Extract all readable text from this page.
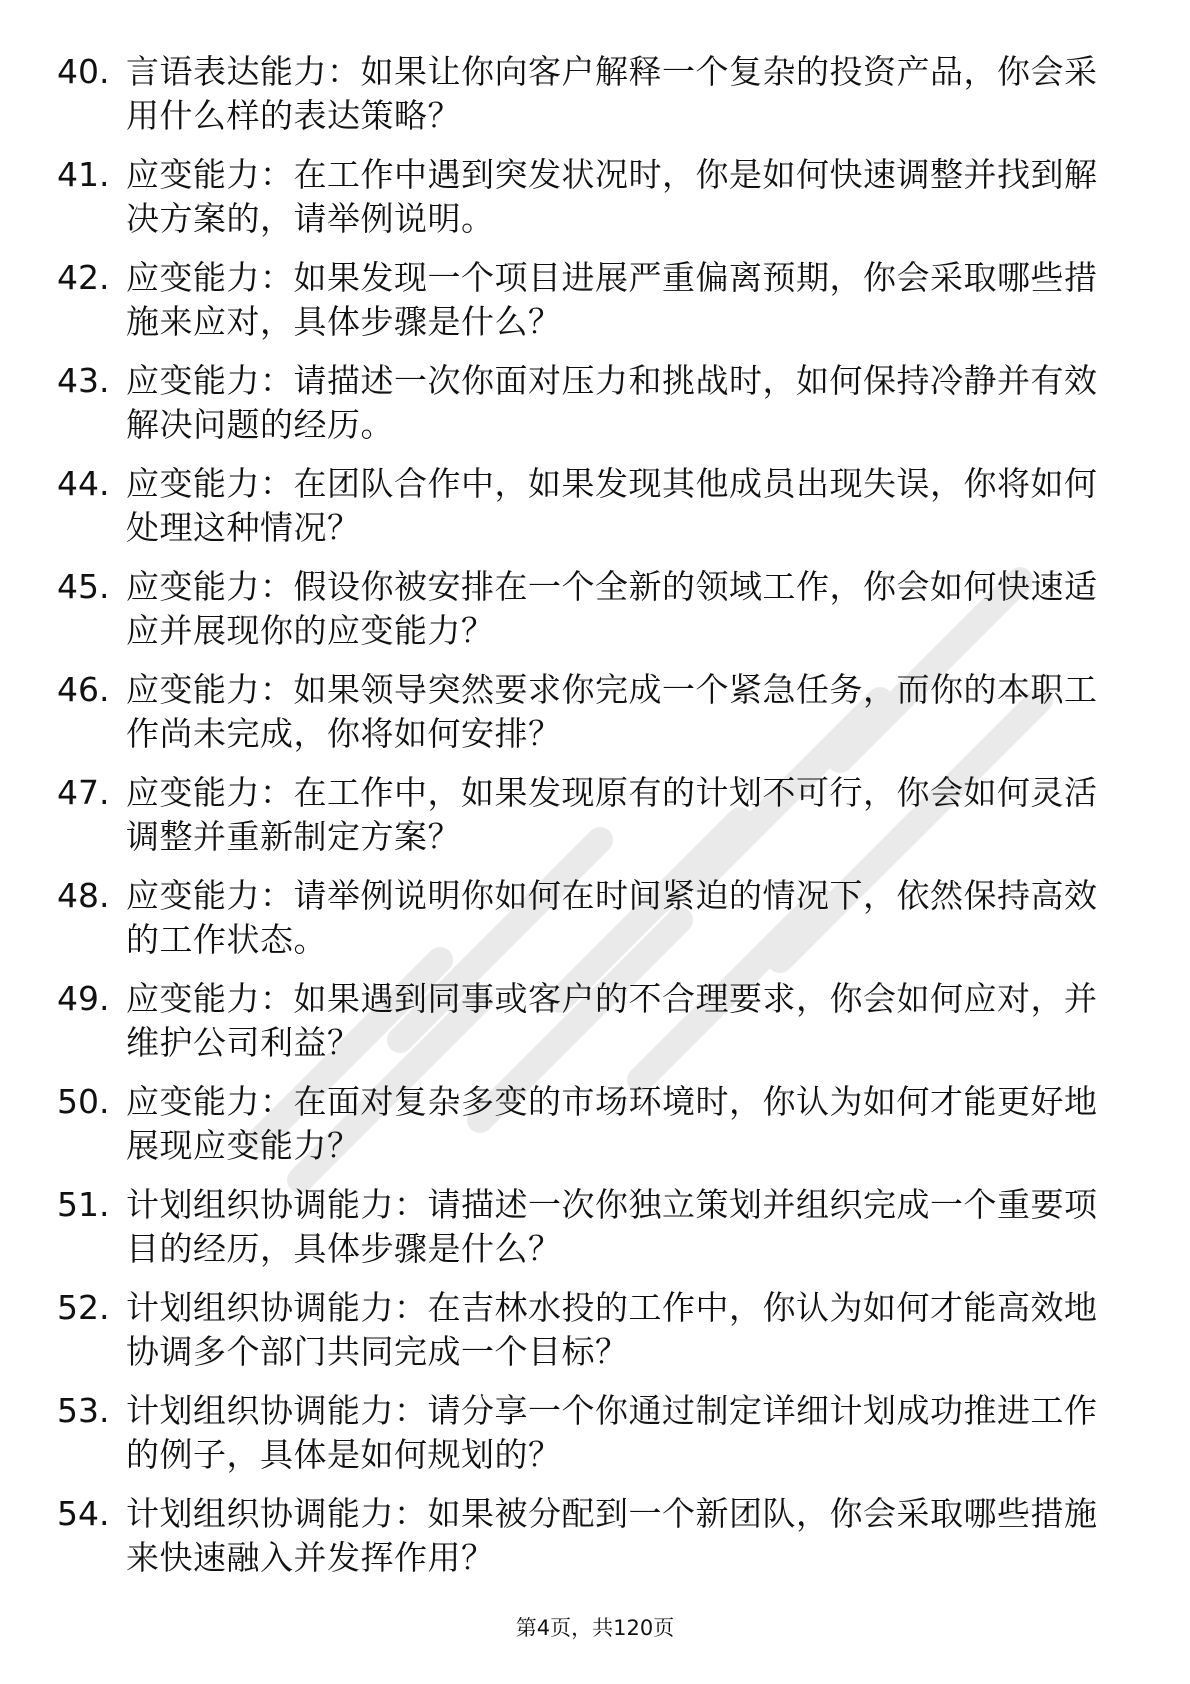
40. 言语表达能力：如果让你向客户解释一个复杂的投资产品，你会采用什么样的表达策略？
41. 应变能力：在工作中遇到突发状况时，你是如何快速调整并找到解决方案的，请举例说明。
42. 应变能力：如果发现一个项目进展严重偏离预期，你会采取哪些措施来应对，具体步骤是什么？
43. 应变能力：请描述一次你面对压力和挑战时，如何保持冷静并有效解决问题的经历。
44. 应变能力：在团队合作中，如果发现其他成员出现失误，你将如何处理这种情况？
45. 应变能力：假设你被安排在一个全新的领域工作，你会如何快速适应并展现你的应变能力？
46. 应变能力：如果领导突然要求你完成一个紧急任务，而你的本职工作尚未完成，你将如何安排？
47. 应变能力：在工作中，如果发现原有的计划不可行，你会如何灵活调整并重新制定方案？
48. 应变能力：请举例说明你如何在时间紧迫的情况下，依然保持高效的工作状态。
49. 应变能力：如果遇到同事或客户的不合理要求，你会如何应对，并维护公司利益？
50. 应变能力：在面对复杂多变的市场环境时，你认为如何才能更好地展现应变能力？
51. 计划组织协调能力：请描述一次你独立策划并组织完成一个重要项目的经历，具体步骤是什么？
52. 计划组织协调能力：在吉林水投的工作中，你认为如何才能高效地协调多个部门共同完成一个目标？
53. 计划组织协调能力：请分享一个你通过制定详细计划成功推进工作的例子，具体是如何规划的？
54. 计划组织协调能力：如果被分配到一个新团队，你会采取哪些措施来快速融入并发挥作用？
第4页，共120页
